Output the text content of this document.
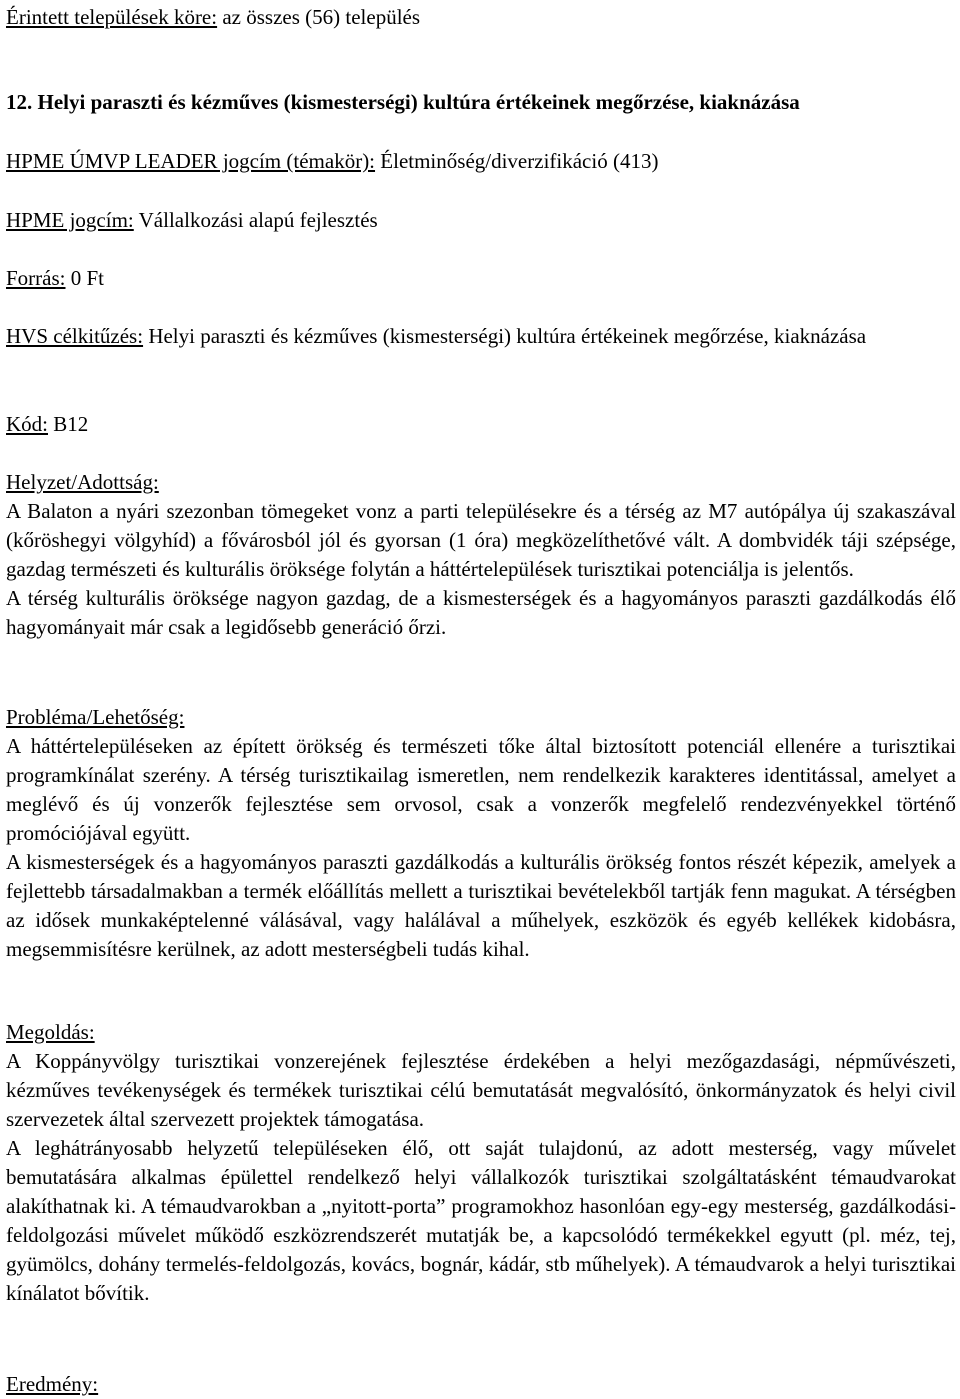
Érintett települések köre: az összes (56) település

12. Helyi paraszti és kézműves (kismesterségi) kultúra értékeinek megőrzése, kiaknázása

HPME ÚMVP LEADER jogcím (témakör): Életminőség/diverzifikáció (413)

HPME jogcím: Vállalkozási alapú fejlesztés

Forrás: 0 Ft

HVS célkitűzés: Helyi paraszti és kézműves (kismesterségi) kultúra értékeinek megőrzése, kiaknázása

Kód: B12

Helyzet/Adottság:

A Balaton a nyári szezonban tömegeket vonz a parti településekre és a térség az M7 autópálya új szakaszával (kőröshegyi völgyhíd) a fővárosból jól és gyorsan (1 óra) megközelíthetővé vált. A dombvidék táji szépsége, gazdag természeti és kulturális öröksége folytán a háttértelepülések turisztikai potenciálja is jelentős.

A térség kulturális öröksége nagyon gazdag, de a kismesterségek és a hagyományos paraszti gazdálkodás élő hagyományait már csak a legidősebb generáció őrzi.

Probléma/Lehetőség:

A háttértelepüléseken az épített örökség és természeti tőke által biztosított potenciál ellenére a turisztikai programkínálat szerény. A térség turisztikailag ismeretlen, nem rendelkezik karakteres identitással, amelyet a meglévő és új vonzerők fejlesztése sem orvosol, csak a vonzerők megfelelő rendezvényekkel történő promóciójával együtt.

A kismesterségek és a hagyományos paraszti gazdálkodás a kulturális örökség fontos részét képezik, amelyek a fejlettebb társadalmakban a termék előállítás mellett a turisztikai bevételekből tartják fenn magukat. A térségben az idősek munkaképtelenné válásával, vagy halálával a műhelyek, eszközök és egyéb kellékek kidobásra, megsemmisítésre kerülnek, az adott mesterségbeli tudás kihal.

Megoldás:

A Koppányvölgy turisztikai vonzerejének fejlesztése érdekében a helyi mezőgazdasági, népművészeti, kézműves tevékenységek és termékek turisztikai célú bemutatását megvalósító, önkormányzatok és helyi civil szervezetek által szervezett projektek támogatása.

A leghátrányosabb helyzetű településeken élő, ott saját tulajdonú, az adott mesterség, vagy művelet bemutatására alkalmas épülettel rendelkező helyi vállalkozók turisztikai szolgáltatásként témaudvarokat alakíthatnak ki. A témaudvarokban a „nyitott-porta” programokhoz hasonlóan egy-egy mesterség, gazdálkodási-feldolgozási művelet működő eszközrendszerét mutatják be, a kapcsolódó termékekkel egyutt (pl. méz, tej, gyümölcs, dohány termelés-feldolgozás, kovács, bognár, kádár, stb műhelyek). A témaudvarok a helyi turisztikai kínálatot bővítik.

Eredmény:
